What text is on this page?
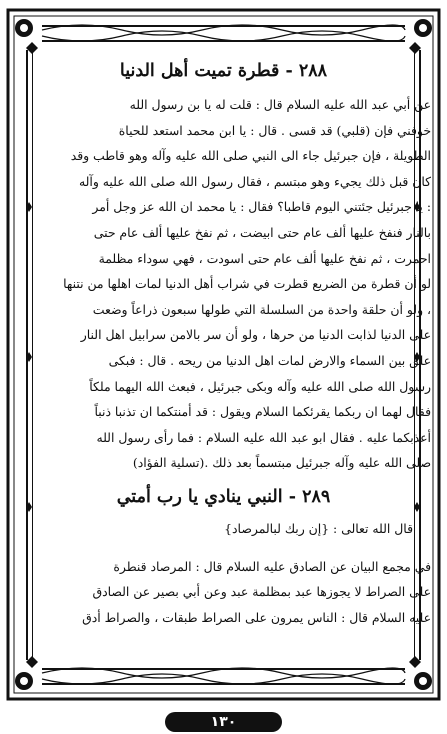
٢٨٨ - قطرة تميت أهل الدنيا

عن أبي عبد الله عليه السلام قال : قلت له يا بن رسول الله

خوفني فإن (قلبي) قد قسى . قال : يا ابن محمد استعد للحياة

الطويلة ، فإن جبرئيل جاء الى النبي صلى الله عليه وآله وهو قاطب وقد

كان قبل ذلك يجيء وهو مبتسم ، فقال رسول الله صلى الله عليه وآله

: يا جبرئيل جئتني اليوم قاطبا؟ فقال : يا محمد ان الله عز وجل أمر

بالنار فنفخ عليها ألف عام حتى ابيضت ، ثم نفخ عليها ألف عام حتى

احمرت ، ثم نفخ عليها ألف عام حتى اسودت ، فهي سوداء مظلمة

لو أن قطرة من الضريع قطرت في شراب أهل الدنيا لمات اهلها من نتنها

، ولو أن حلقة واحدة من السلسلة التي طولها سبعون ذراعاً وضعت

على الدنيا لذابت الدنيا من حرها ، ولو أن سر بالامن سرابيل اهل النار

علق بين السماء والارض لمات اهل الدنيا من ريحه . قال : فبكى

رسول الله صلى الله عليه وآله وبكى جبرئيل ، فبعث الله اليهما ملكاً

فقال لهما ان ربكما يقرئكما السلام ويقول : قد أمنتكما ان تذنبا ذنباً

أعذبكما عليه . فقال ابو عبد الله عليه السلام : فما رأى رسول الله

صلى الله عليه وآله جبرئيل مبتسماً بعد ذلك .(تسلية الفؤاد)

٢٨٩ - النبي ينادي يا رب أمتي

قال الله تعالى : {إن ربك لبالمرصاد}

في مجمع البيان عن الصادق عليه السلام قال : المرصاد قنطرة

على الصراط لا يجوزها عبد بمظلمة عبد وعن أبي بصير عن الصادق

عليه السلام قال : الناس يمرون على الصراط طبقات ، والصراط أدق

١٣٠
